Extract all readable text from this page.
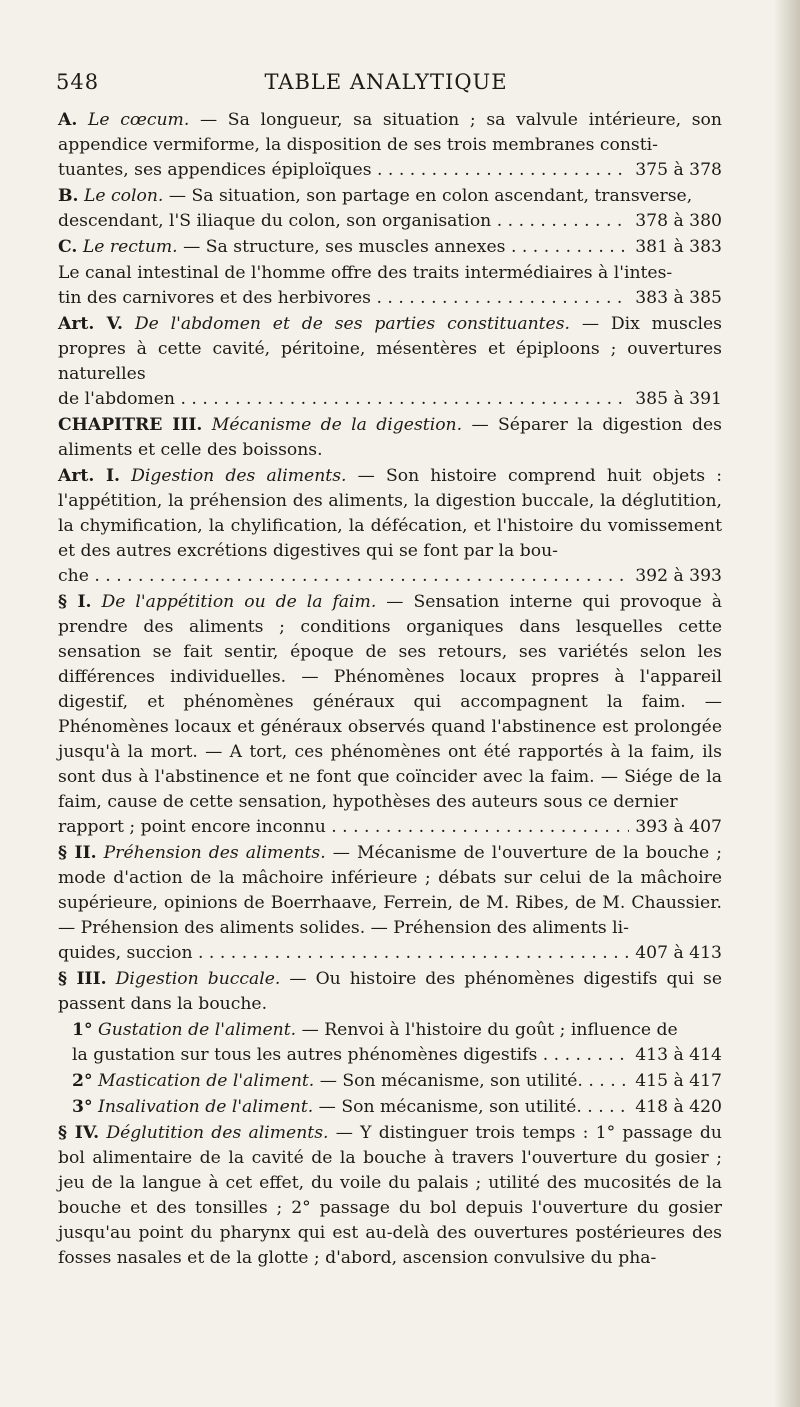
548	TABLE ANALYTIQUE
A. Le cœcum. — Sa longueur, sa situation ; sa valvule intérieure, son appendice vermiforme, la disposition de ses trois membranes consti-
tuantes, ses appendices épiploïques . . .	375 à 378
B. Le colon. — Sa situation, son partage en colon ascendant, transverse,
descendant, l'S iliaque du colon, son organisation . . .	378 à 380
C. Le rectum. — Sa structure, ses muscles annexes . . .	381 à 383
Le canal intestinal de l'homme offre des traits intermédiaires à l'intes-
tin des carnivores et des herbivores . . .	383 à 385
Art. V. De l'abdomen et de ses parties constituantes. — Dix muscles propres à cette cavité, péritoine, mésentères et épiploons ; ouvertures naturelles
de l'abdomen . . .	385 à 391
CHAPITRE III. Mécanisme de la digestion. — Séparer la digestion des aliments et celle des boissons.
Art. I. Digestion des aliments. — Son histoire comprend huit objets : l'appétition, la préhension des aliments, la digestion buccale, la déglutition, la chymification, la chylification, la défécation, et l'histoire du vomissement et des autres excrétions digestives qui se font par la bou-
che . . .	392 à 393
§ I. De l'appétition ou de la faim. — Sensation interne qui provoque à prendre des aliments ; conditions organiques dans lesquelles cette sensation se fait sentir, époque de ses retours, ses variétés selon les différences individuelles. — Phénomènes locaux propres à l'appareil digestif, et phénomènes généraux qui accompagnent la faim. — Phénomènes locaux et généraux observés quand l'abstinence est prolongée jusqu'à la mort. — A tort, ces phénomènes ont été rapportés à la faim, ils sont dus à l'abstinence et ne font que coïncider avec la faim. — Siége de la faim, cause de cette sensation, hypothèses des auteurs sous ce dernier
rapport ; point encore inconnu . . .	393 à 407
§ II. Préhension des aliments. — Mécanisme de l'ouverture de la bouche ; mode d'action de la mâchoire inférieure ; débats sur celui de la mâchoire supérieure, opinions de Boerrhaave, Ferrein, de M. Ribes, de M. Chaussier. — Préhension des aliments solides. — Préhension des aliments li-
quides, succion . . .	407 à 413
§ III. Digestion buccale. — Ou histoire des phénomènes digestifs qui se passent dans la bouche.
1° Gustation de l'aliment. — Renvoi à l'histoire du goût ; influence de
la gustation sur tous les autres phénomènes digestifs . . .	413 à 414
2° Mastication de l'aliment. — Son mécanisme, son utilité. . . .	415 à 417
3° Insalivation de l'aliment. — Son mécanisme, son utilité. . . .	418 à 420
§ IV. Déglutition des aliments. — Y distinguer trois temps : 1° passage du bol alimentaire de la cavité de la bouche à travers l'ouverture du gosier ; jeu de la langue à cet effet, du voile du palais ; utilité des mucosités de la bouche et des tonsilles ; 2° passage du bol depuis l'ouverture du gosier jusqu'au point du pharynx qui est au-delà des ouvertures postérieures des fosses nasales et de la glotte ; d'abord, ascension convulsive du pha-
